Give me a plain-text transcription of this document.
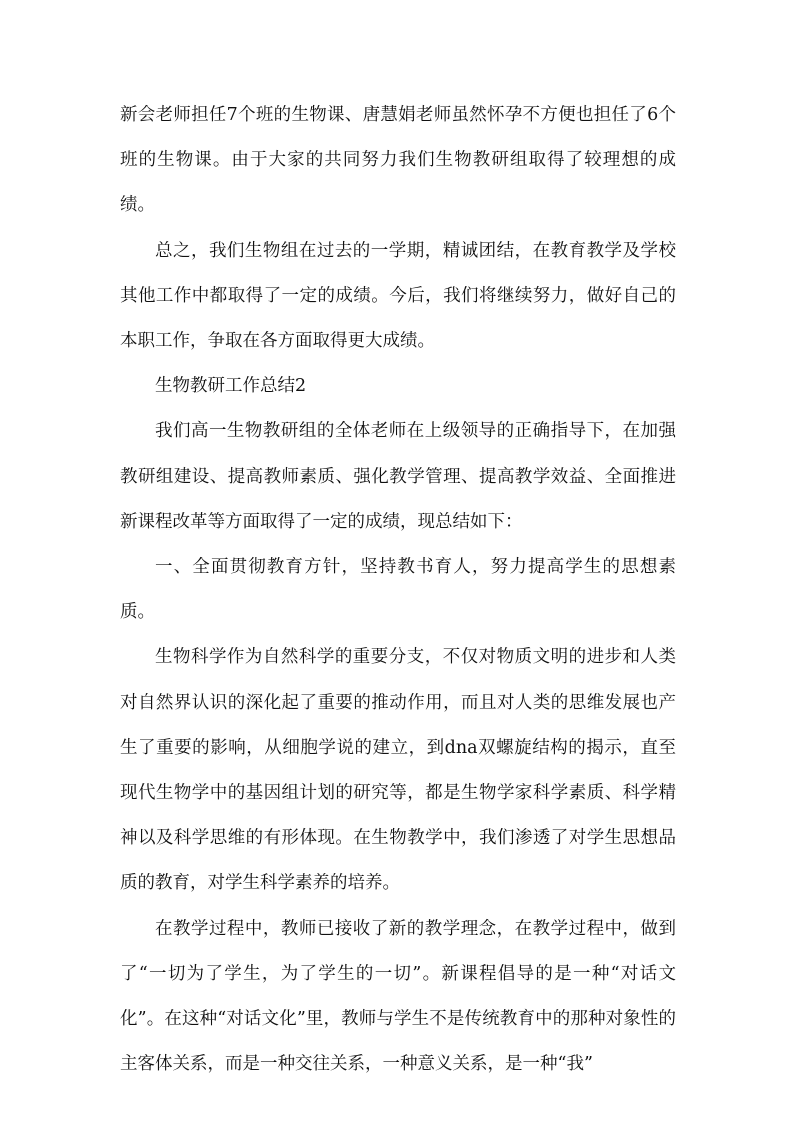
新会老师担任7个班的生物课、唐慧娟老师虽然怀孕不方便也担任了6个班的生物课。由于大家的共同努力我们生物教研组取得了较理想的成绩。

总之，我们生物组在过去的一学期，精诚团结，在教育教学及学校其他工作中都取得了一定的成绩。今后，我们将继续努力，做好自己的本职工作，争取在各方面取得更大成绩。

生物教研工作总结2

我们高一生物教研组的全体老师在上级领导的正确指导下，在加强教研组建设、提高教师素质、强化教学管理、提高教学效益、全面推进新课程改革等方面取得了一定的成绩，现总结如下：

一、全面贯彻教育方针，坚持教书育人，努力提高学生的思想素质。

生物科学作为自然科学的重要分支，不仅对物质文明的进步和人类对自然界认识的深化起了重要的推动作用，而且对人类的思维发展也产生了重要的影响，从细胞学说的建立，到dna双螺旋结构的揭示，直至现代生物学中的基因组计划的研究等，都是生物学家科学素质、科学精神以及科学思维的有形体现。在生物教学中，我们渗透了对学生思想品质的教育，对学生科学素养的培养。

在教学过程中，教师已接收了新的教学理念，在教学过程中，做到了“一切为了学生，为了学生的一切”。新课程倡导的是一种“对话文化”。在这种“对话文化”里，教师与学生不是传统教育中的那种对象性的主客体关系，而是一种交往关系，一种意义关系，是一种“我”
